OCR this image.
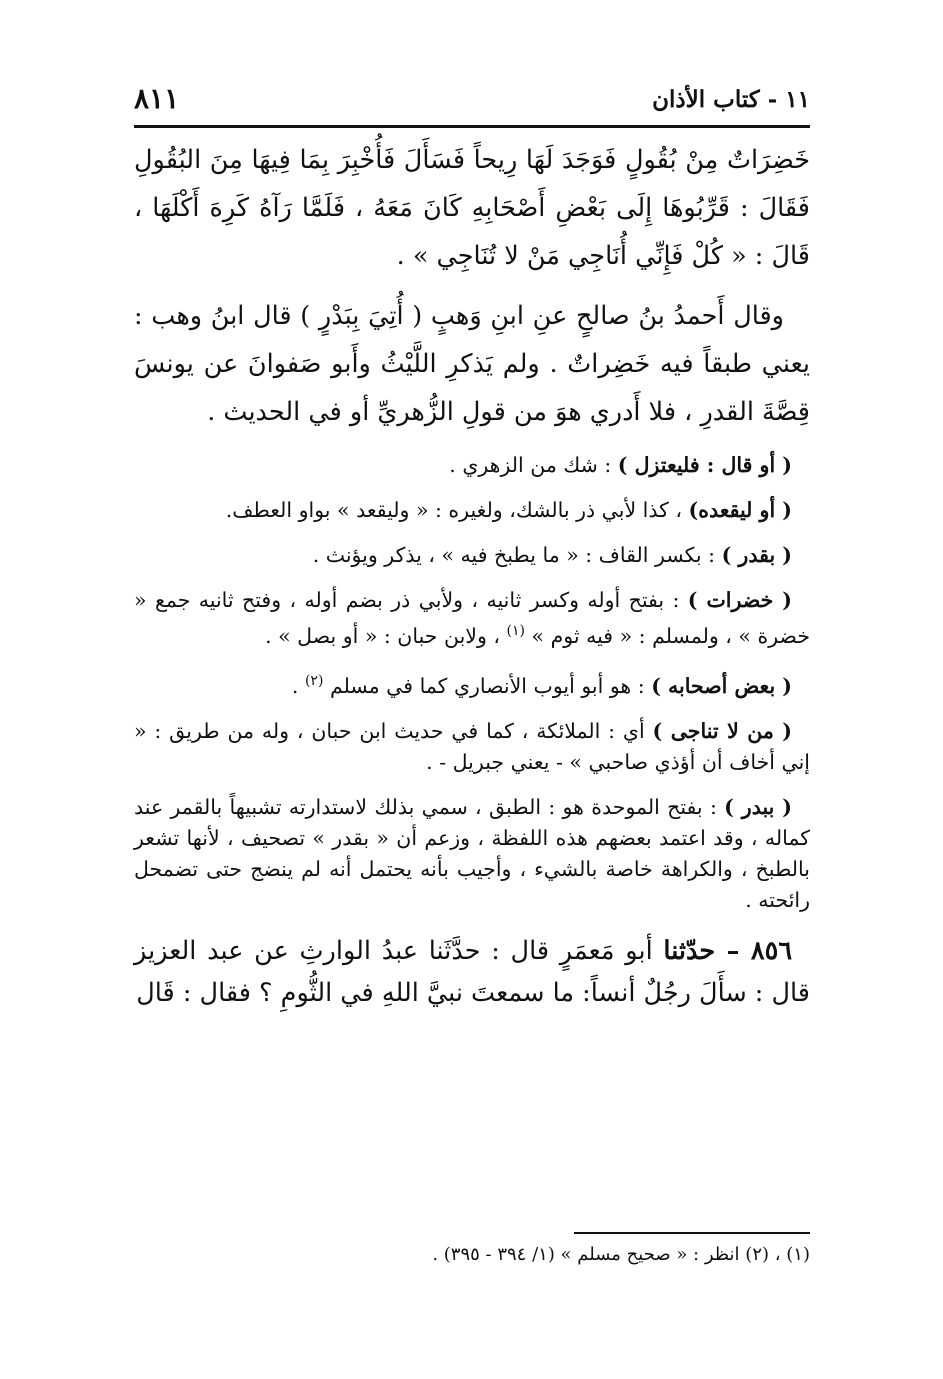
١١ - كتاب الأذان
٨١١

خَضِرَاتٌ مِنْ بُقُولٍ فَوَجَدَ لَهَا رِيحاً فَسَأَلَ فَأُخْبِرَ بِمَا فِيهَا مِنَ البُقُولِ فَقَالَ : قَرِّبُوهَا إِلَى بَعْضِ أَصْحَابِهِ كَانَ مَعَهُ ، فَلَمَّا رَآهُ كَرِهَ أَكْلَهَا ، قَالَ : « كُلْ فَإِنِّي أُنَاجِي مَنْ لا تُنَاجِي » .

وقال أَحمدُ بنُ صالحٍ عنِ ابنِ وَهبٍ ( أُتِيَ بِبَدْرٍ ) قال ابنُ وهب : يعني طبقاً فيه خَضِراتٌ . ولم يَذكرِ اللَّيْثُ وأَبو صَفوانَ عن يونسَ قِصَّةَ القدرِ ، فلا أَدري هوَ من قولِ الزُّهريِّ أو في الحديث .

( أو قال : فليعتزل ) : شك من الزهري .

( أو ليقعده) ، كذا لأبي ذر بالشك، ولغيره : « وليقعد » بواو العطف.

( بقدر ) : بكسر القاف : « ما يطبخ فيه » ، يذكر ويؤنث .

( خضرات ) : بفتح أوله وكسر ثانيه ، ولأبي ذر بضم أوله ، وفتح ثانيه جمع « خضرة » ، ولمسلم : « فيه ثوم » $^{(١)}$ ، ولابن حبان : « أو بصل » .

( بعض أصحابه ) : هو أبو أيوب الأنصاري كما في مسلم $^{(٢)}$ .

( من لا تناجى ) أي : الملائكة ، كما في حديث ابن حبان ، وله من طريق : « إني أخاف أن أؤذي صاحبي » - يعني جبريل - .

( ببدر ) : بفتح الموحدة هو : الطبق ، سمي بذلك لاستدارته تشبيهاً بالقمر عند كماله ، وقد اعتمد بعضهم هذه اللفظة ، وزعم أن « بقدر » تصحيف ، لأنها تشعر بالطبخ ، والكراهة خاصة بالشيء ، وأجيب بأنه يحتمل أنه لم ينضج حتى تضمحل رائحته .

٨٥٦ – حدّثنا أبو مَعمَرٍ قال : حدَّثَنا عبدُ الوارثِ عن عبد العزيز قال : سأَلَ رجُلٌ أنساً: ما سمعتَ نبيَّ اللهِ في الثُّومِ ؟ فقال : قَال

(١) ، (٢) انظر : « صحيح مسلم » (١/ ٣٩٤ - ٣٩٥) .
